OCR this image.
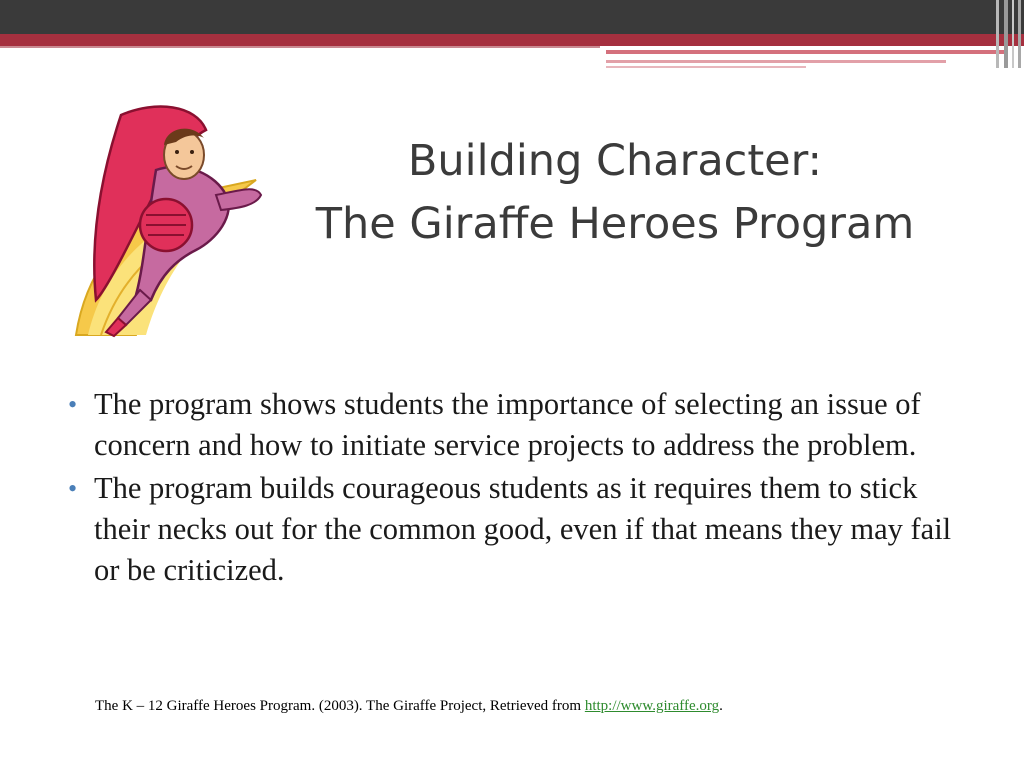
Building Character:
The Giraffe Heroes Program
• The program shows students the importance of selecting an issue of concern and how to initiate service projects to address the problem.
• The program builds courageous students as it requires them to stick their necks out for the common good, even if that means they may fail or be criticized.
The K – 12 Giraffe Heroes Program. (2003). The Giraffe Project, Retrieved from http://www.giraffe.org.
